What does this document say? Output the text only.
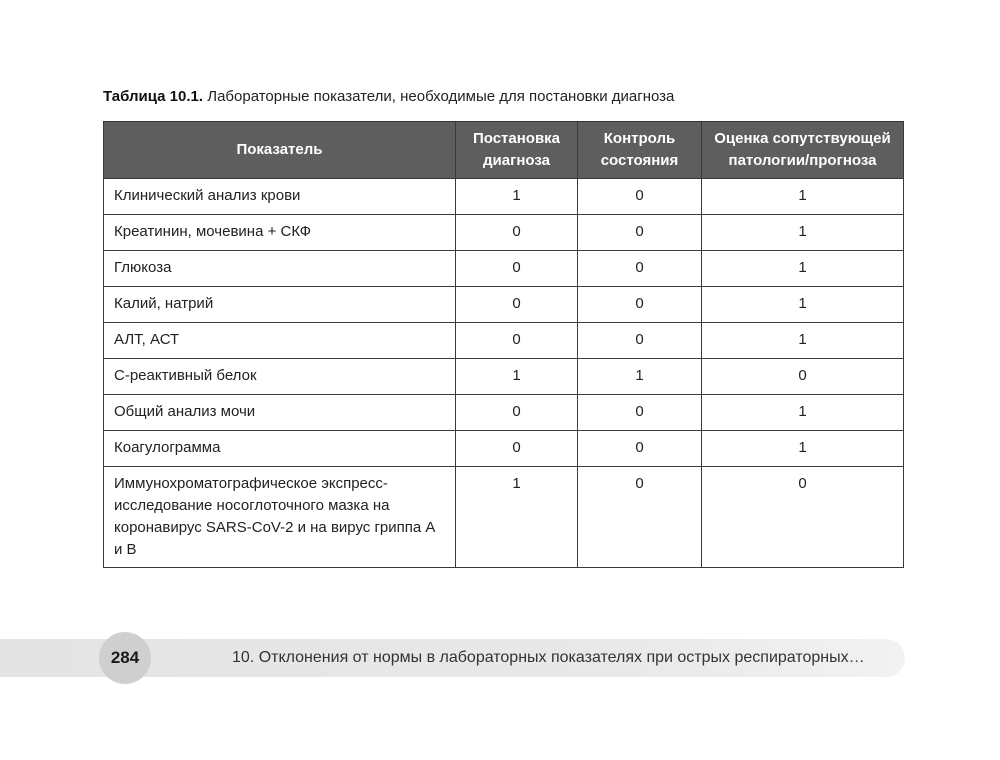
Таблица 10.1. Лабораторные показатели, необходимые для постановки диагноза
Показатель	Постановка диагноза	Контроль состояния	Оценка сопутствующей патологии/прогноза
Клинический анализ крови	1	0	1
Креатинин, мочевина + СКФ	0	0	1
Глюкоза	0	0	1
Калий, натрий	0	0	1
АЛТ, АСТ	0	0	1
С-реактивный белок	1	1	0
Общий анализ мочи	0	0	1
Коагулограмма	0	0	1
Иммунохроматографическое экспресс-исследование носоглоточного мазка на коронавирус SARS-CoV-2 и на вирус гриппа А и В	1	0	0
284	10. Отклонения от нормы в лабораторных показателях при острых респираторных…
